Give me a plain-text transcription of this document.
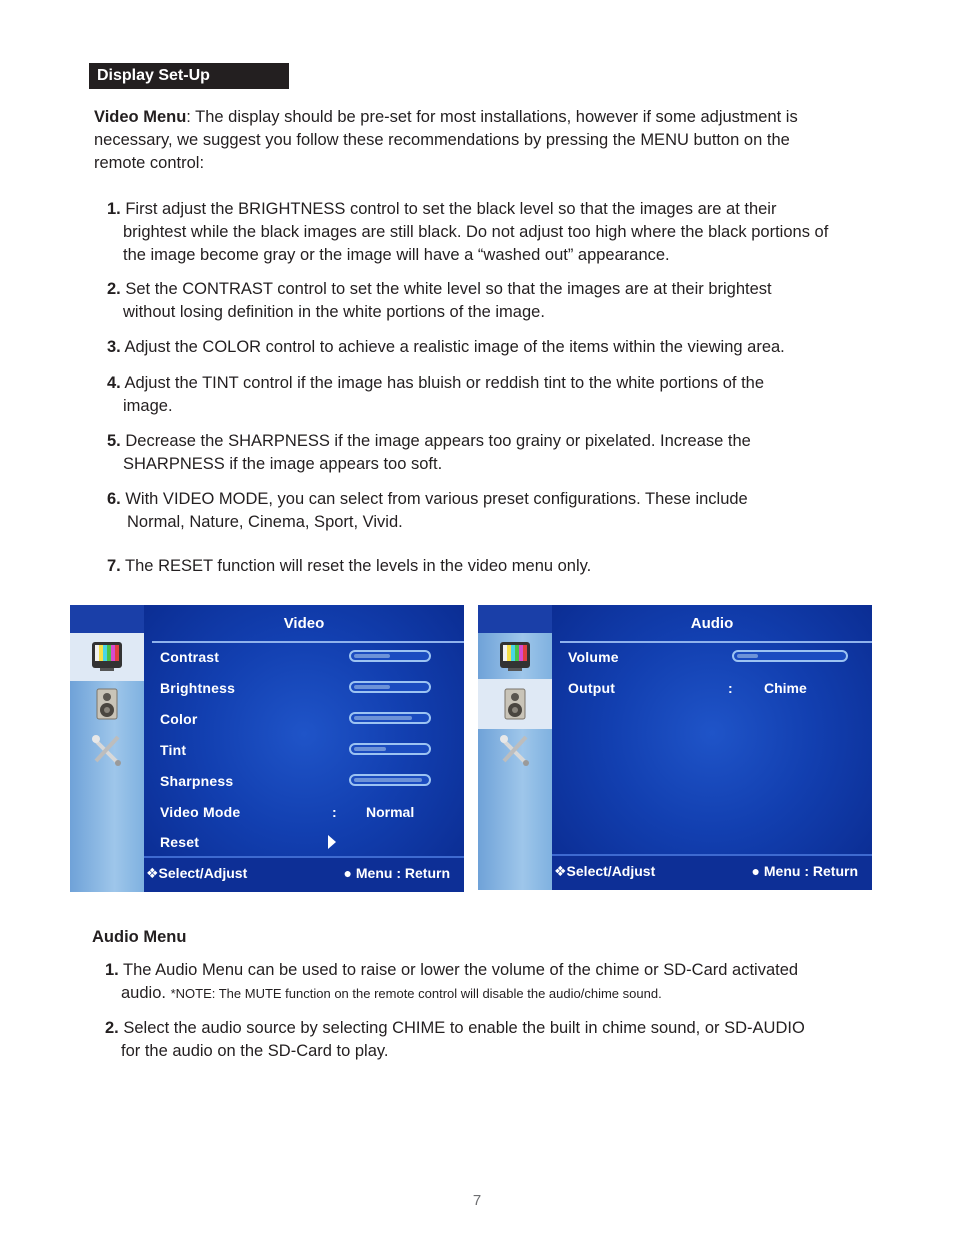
Display Set-Up
Video Menu: The display should be pre-set for most installations, however if some adjustment is necessary, we suggest you follow these recommendations by pressing the MENU button on the remote control:
1. First adjust the BRIGHTNESS control to set the black level so that the images are at their
brightest while the black images are still black. Do not adjust too high where the black portions of the image become gray or the image will have a “washed out” appearance.
2. Set the CONTRAST control to set the white level so that the images are at their brightest
without losing definition in the white portions of the image.
3. Adjust the COLOR control to achieve a realistic image of the items within the viewing area.
4. Adjust the TINT control if the image has bluish or reddish tint to the white portions of the
image.
5. Decrease the SHARPNESS if the image appears too grainy or pixelated. Increase the
SHARPNESS if the image appears too soft.
6. With VIDEO MODE, you can select from various preset configurations. These include
Normal, Nature, Cinema, Sport, Vivid.
7. The RESET function will reset the levels in the video menu only.
Video
Contrast
Brightness
Color
Tint
Sharpness
Video Mode	: Normal
Reset
❖Select/Adjust	● Menu : Return
Audio
Volume
Output	: Chime
❖Select/Adjust	● Menu : Return
Audio Menu
1. The Audio Menu can be used to raise or lower the volume of the chime or SD-Card activated
audio. *NOTE: The MUTE function on the remote control will disable the audio/chime sound.
2. Select the audio source by selecting CHIME to enable the built in chime sound, or SD-AUDIO
for the audio on the SD-Card to play.
7
